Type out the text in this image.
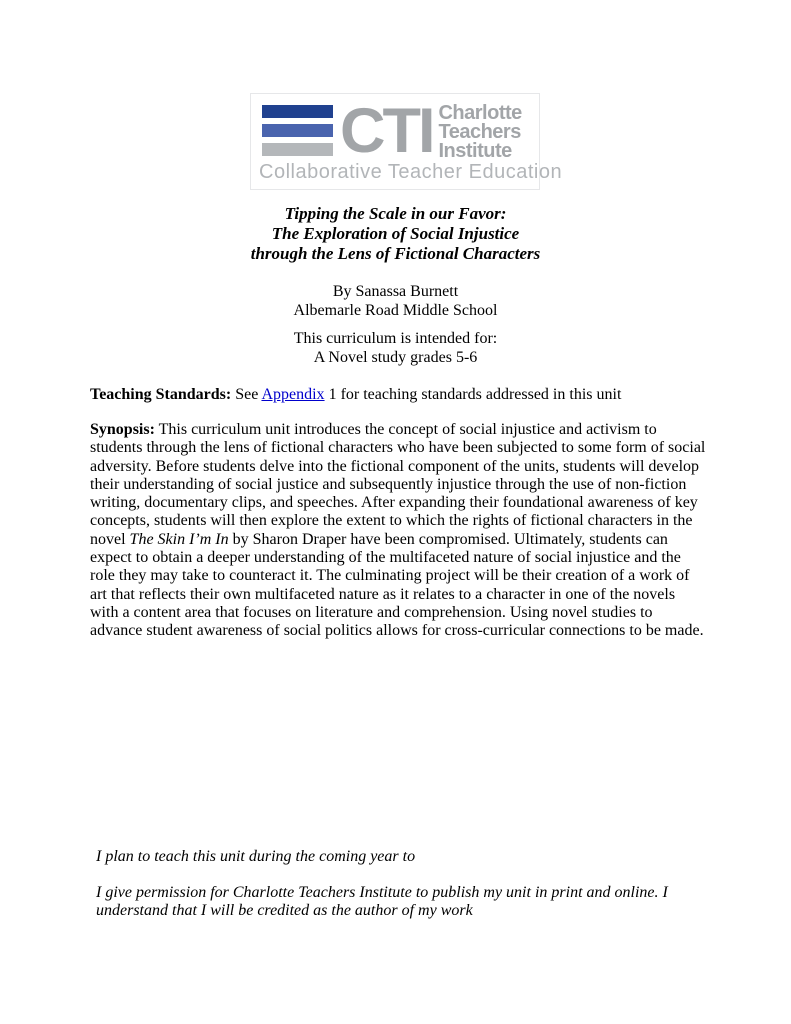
CTI Charlotte
Teachers
Institute
Collaborative Teacher Education
Tipping the Scale in our Favor:
The Exploration of Social Injustice
through the Lens of Fictional Characters
By Sanassa Burnett
Albemarle Road Middle School
This curriculum is intended for:
A Novel study grades 5-6

Teaching Standards: See Appendix 1 for teaching standards addressed in this unit

Synopsis: This curriculum unit introduces the concept of social injustice and activism to students through the lens of fictional characters who have been subjected to some form of social adversity. Before students delve into the fictional component of the units, students will develop their understanding of social justice and subsequently injustice through the use of non-fiction writing, documentary clips, and speeches. After expanding their foundational awareness of key concepts, students will then explore the extent to which the rights of fictional characters in the novel The Skin I’m In by Sharon Draper have been compromised. Ultimately, students can expect to obtain a deeper understanding of the multifaceted nature of social injustice and the role they may take to counteract it. The culminating project will be their creation of a work of art that reflects their own multifaceted nature as it relates to a character in one of the novels with a content area that focuses on literature and comprehension. Using novel studies to advance student awareness of social politics allows for cross-curricular connections to be made.

I plan to teach this unit during the coming year to

I give permission for Charlotte Teachers Institute to publish my unit in print and online. I understand that I will be credited as the author of my work
